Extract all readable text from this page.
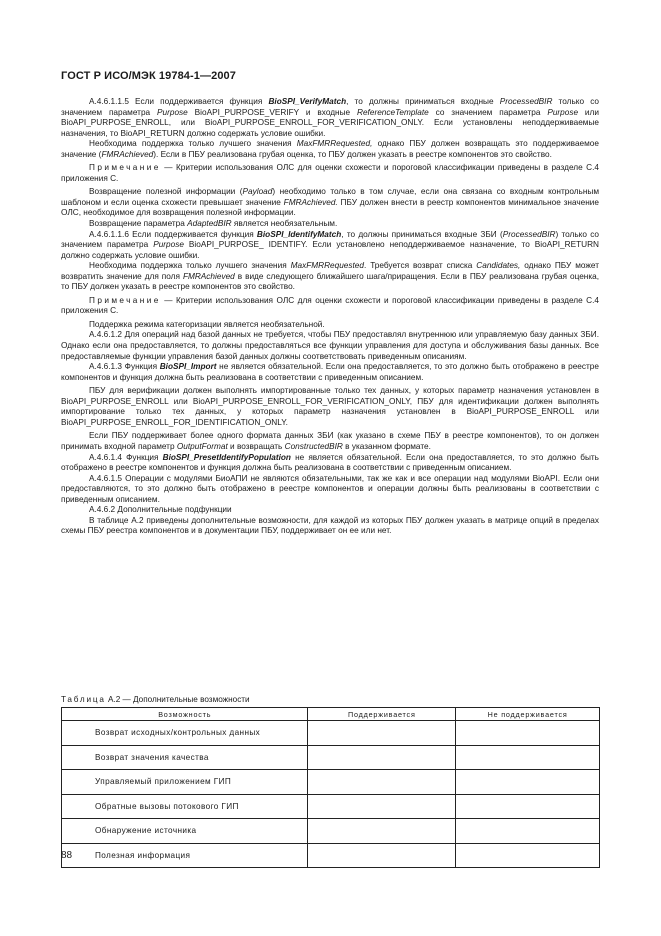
ГОСТ Р ИСО/МЭК 19784-1—2007

А.4.6.1.1.5 Если поддерживается функция BioSPI_VerifyMatch, то должны приниматься входные ProcessedBIR только со значением параметра Purpose BioAPI_PURPOSE_VERIFY и входные ReferenceTemplate со значением параметра Purpose или BioAPI_PURPOSE_ENROLL, или BioAPI_PURPOSE_ENROLL_FOR_VERIFICATION_ONLY. Если установлены неподдерживаемые назначения, то BioAPI_RETURN должно содержать условие ошибки.

Необходима поддержка только лучшего значения MaxFMRRequested, однако ПБУ должен возвращать это поддерживаемое значение (FMRAchieved). Если в ПБУ реализована грубая оценка, то ПБУ должен указать в реестре компонентов это свойство.

Примечание — Критерии использования ОЛС для оценки схожести и пороговой классификации приведены в разделе С.4 приложения С.

Возвращение полезной информации (Payload) необходимо только в том случае, если она связана со входным контрольным шаблоном и если оценка схожести превышает значение FMRAchieved. ПБУ должен внести в реестр компонентов минимальное значение ОЛС, необходимое для возвращения полезной информации.

Возвращение параметра AdaptedBIR является необязательным.

А.4.6.1.1.6 Если поддерживается функция BioSPI_IdentifyMatch, то должны приниматься входные ЗБИ (ProcessedBIR) только со значением параметра Purpose BioAPI_PURPOSE_ IDENTIFY. Если установлено неподдерживаемое назначение, то BioAPI_RETURN должно содержать условие ошибки.

Необходима поддержка только лучшего значения MaxFMRRequested. Требуется возврат списка Candidates, однако ПБУ может возвратить значение для поля FMRAchieved в виде следующего ближайшего шага/приращения. Если в ПБУ реализована грубая оценка, то ПБУ должен указать в реестре компонентов это свойство.

Примечание — Критерии использования ОЛС для оценки схожести и пороговой классификации приведены в разделе С.4 приложения С.

Поддержка режима категоризации является необязательной.

А.4.6.1.2 Для операций над базой данных не требуется, чтобы ПБУ предоставлял внутреннюю или управляемую базу данных ЗБИ. Однако если она предоставляется, то должны предоставляться все функции управления для доступа и обслуживания базы данных. Все предоставляемые функции управления базой данных должны соответствовать приведенным описаниям.

А.4.6.1.3 Функция BioSPI_Import не является обязательной. Если она предоставляется, то это должно быть отображено в реестре компонентов и функция должна быть реализована в соответствии с приведенным описанием.

ПБУ для верификации должен выполнять импортированные только тех данных, у которых параметр назначения установлен в BioAPI_PURPOSE_ENROLL или BioAPI_PURPOSE_ENROLL_FOR_VERIFICATION_ONLY, ПБУ для идентификации должен выполнять импортирование только тех данных, у которых параметр назначения установлен в BioAPI_PURPOSE_ENROLL или BioAPI_PURPOSE_ENROLL_FOR_IDENTIFICATION_ONLY.

Если ПБУ поддерживает более одного формата данных ЗБИ (как указано в схеме ПБУ в реестре компонентов), то он должен принимать входной параметр OutputFormat и возвращать ConstructedBIR в указанном формате.

А.4.6.1.4 Функция BioSPI_PresetIdentifyPopulation не является обязательной. Если она предоставляется, то это должно быть отображено в реестре компонентов и функция должна быть реализована в соответствии с приведенным описанием.

А.4.6.1.5 Операции с модулями БиоАПИ не являются обязательными, так же как и все операции над модулями BioAPI. Если они предоставляются, то это должно быть отображено в реестре компонентов и операции должны быть реализованы в соответствии с приведенным описанием.

А.4.6.2 Дополнительные подфункции

В таблице А.2 приведены дополнительные возможности, для каждой из которых ПБУ должен указать в матрице опций в пределах схемы ПБУ реестра компонентов и в документации ПБУ, поддерживает он ее или нет.

Таблица А.2 — Дополнительные возможности
Возможность	Поддерживается	Не поддерживается
Возврат исходных/контрольных данных		
Возврат значения качества		
Управляемый приложением ГИП		
Обратные вызовы потокового ГИП		
Обнаружение источника		
Полезная информация		
88
